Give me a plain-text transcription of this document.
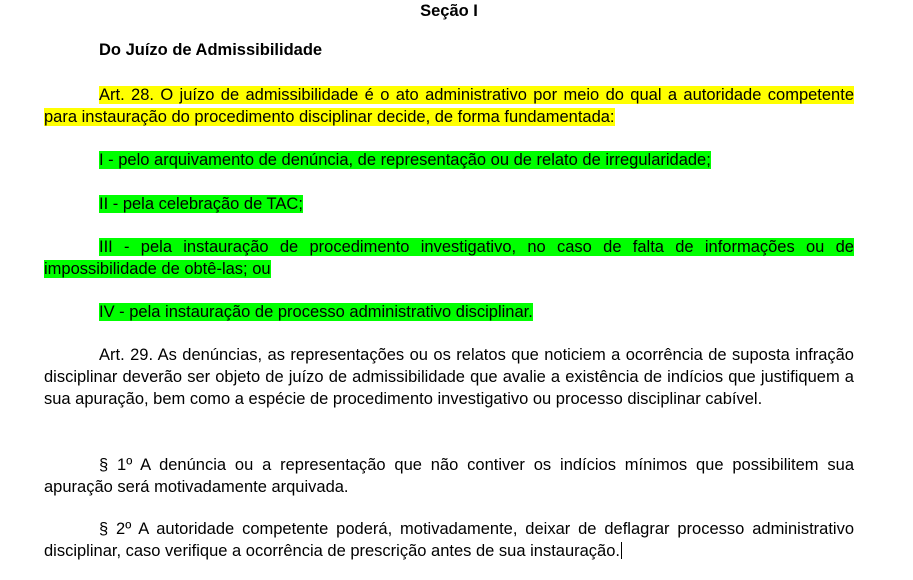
Seção I
Do Juízo de Admissibilidade

Art. 28. O juízo de admissibilidade é o ato administrativo por meio do qual a autoridade competente para instauração do procedimento disciplinar decide, de forma fundamentada:

I - pelo arquivamento de denúncia, de representação ou de relato de irregularidade;

II - pela celebração de TAC;

III - pela instauração de procedimento investigativo, no caso de falta de informações ou de impossibilidade de obtê-las; ou

IV - pela instauração de processo administrativo disciplinar.

Art. 29. As denúncias, as representações ou os relatos que noticiem a ocorrência de suposta infração disciplinar deverão ser objeto de juízo de admissibilidade que avalie a existência de indícios que justifiquem a sua apuração, bem como a espécie de procedimento investigativo ou processo disciplinar cabível.

§ 1º A denúncia ou a representação que não contiver os indícios mínimos que possibilitem sua apuração será motivadamente arquivada.

§ 2º A autoridade competente poderá, motivadamente, deixar de deflagrar processo administrativo disciplinar, caso verifique a ocorrência de prescrição antes de sua instauração.
